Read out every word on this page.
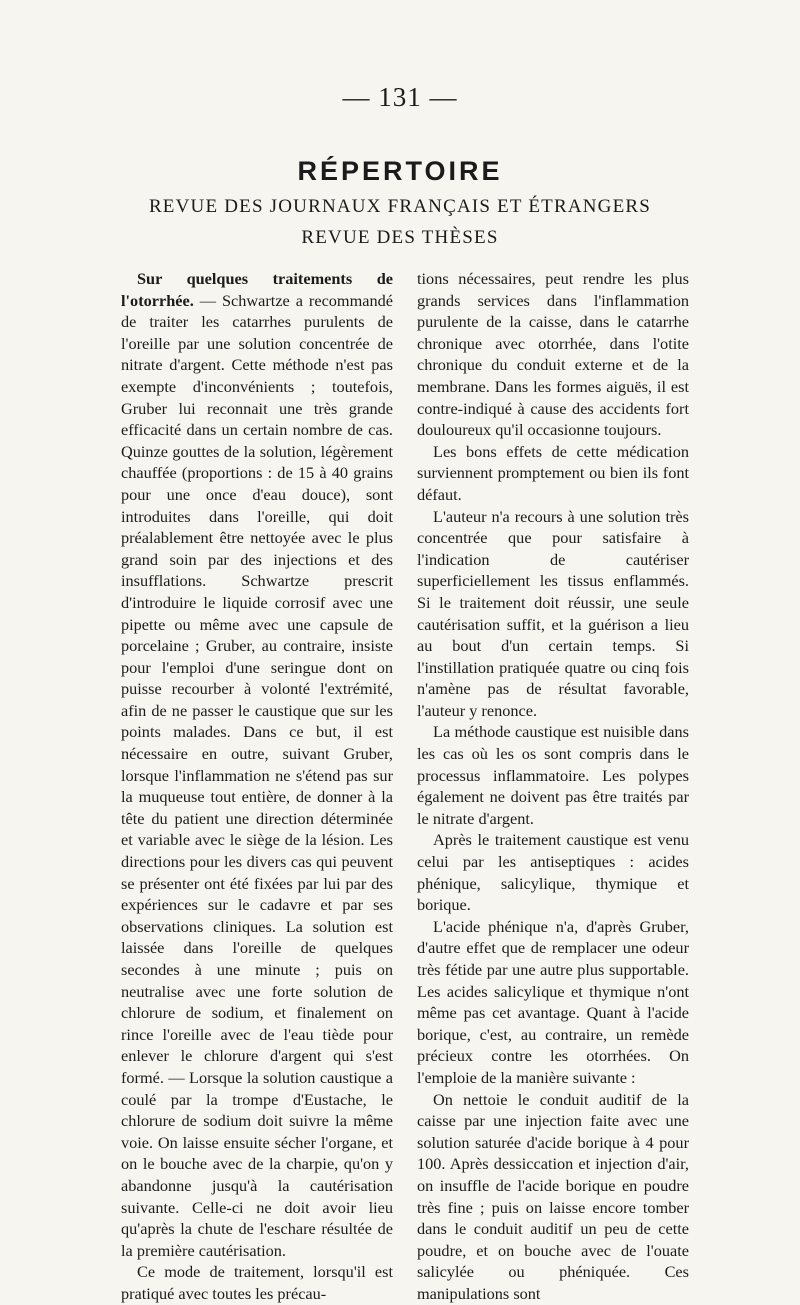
— 131 —
RÉPERTOIRE
REVUE DES JOURNAUX FRANÇAIS ET ÉTRANGERS
REVUE DES THÈSES

Sur quelques traitements de l'otorrhée. — Schwartze a recommandé de traiter les catarrhes purulents de l'oreille par une solution concentrée de nitrate d'argent. Cette méthode n'est pas exempte d'inconvénients ; toutefois, Gruber lui reconnait une très grande efficacité dans un certain nombre de cas. Quinze gouttes de la solution, légèrement chauffée (proportions : de 15 à 40 grains pour une once d'eau douce), sont introduites dans l'oreille, qui doit préalablement être nettoyée avec le plus grand soin par des injections et des insufflations. Schwartze prescrit d'introduire le liquide corrosif avec une pipette ou même avec une capsule de porcelaine ; Gruber, au contraire, insiste pour l'emploi d'une seringue dont on puisse recourber à volonté l'extrémité, afin de ne passer le caustique que sur les points malades. Dans ce but, il est nécessaire en outre, suivant Gruber, lorsque l'inflammation ne s'étend pas sur la muqueuse tout entière, de donner à la tête du patient une direction déterminée et variable avec le siège de la lésion. Les directions pour les divers cas qui peuvent se présenter ont été fixées par lui par des expériences sur le cadavre et par ses observations cliniques. La solution est laissée dans l'oreille de quelques secondes à une minute ; puis on neutralise avec une forte solution de chlorure de sodium, et finalement on rince l'oreille avec de l'eau tiède pour enlever le chlorure d'argent qui s'est formé. — Lorsque la solution caustique a coulé par la trompe d'Eustache, le chlorure de sodium doit suivre la même voie. On laisse ensuite sécher l'organe, et on le bouche avec de la charpie, qu'on y abandonne jusqu'à la cautérisation suivante. Celle-ci ne doit avoir lieu qu'après la chute de l'eschare résultée de la première cautérisation.

Ce mode de traitement, lorsqu'il est pratiqué avec toutes les précau-

tions nécessaires, peut rendre les plus grands services dans l'inflammation purulente de la caisse, dans le catarrhe chronique avec otorrhée, dans l'otite chronique du conduit externe et de la membrane. Dans les formes aiguës, il est contre-indiqué à cause des accidents fort douloureux qu'il occasionne toujours.

Les bons effets de cette médication surviennent promptement ou bien ils font défaut.

L'auteur n'a recours à une solution très concentrée que pour satisfaire à l'indication de cautériser superficiellement les tissus enflammés. Si le traitement doit réussir, une seule cautérisation suffit, et la guérison a lieu au bout d'un certain temps. Si l'instillation pratiquée quatre ou cinq fois n'amène pas de résultat favorable, l'auteur y renonce.

La méthode caustique est nuisible dans les cas où les os sont compris dans le processus inflammatoire. Les polypes également ne doivent pas être traités par le nitrate d'argent.

Après le traitement caustique est venu celui par les antiseptiques : acides phénique, salicylique, thymique et borique.

L'acide phénique n'a, d'après Gruber, d'autre effet que de remplacer une odeur très fétide par une autre plus supportable. Les acides salicylique et thymique n'ont même pas cet avantage. Quant à l'acide borique, c'est, au contraire, un remède précieux contre les otorrhées. On l'emploie de la manière suivante :

On nettoie le conduit auditif de la caisse par une injection faite avec une solution saturée d'acide borique à 4 pour 100. Après dessiccation et injection d'air, on insuffle de l'acide borique en poudre très fine ; puis on laisse encore tomber dans le conduit auditif un peu de cette poudre, et on bouche avec de l'ouate salicylée ou phéniquée. Ces manipulations sont
